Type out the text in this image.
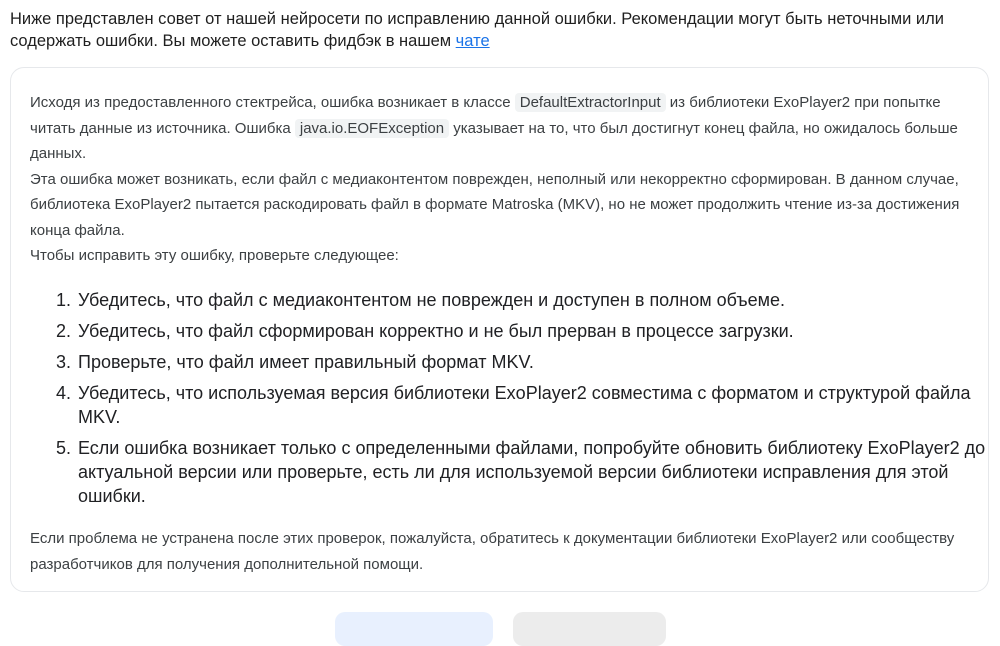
Ниже представлен совет от нашей нейросети по исправлению данной ошибки. Рекомендации могут быть неточными или содержать ошибки. Вы можете оставить фидбэк в нашем чате

Исходя из предоставленного стектрейса, ошибка возникает в классе DefaultExtractorInput из библиотеки ExoPlayer2 при попытке читать данные из источника. Ошибка java.io.EOFException указывает на то, что был достигнут конец файла, но ожидалось больше данных.

Эта ошибка может возникать, если файл с медиаконтентом поврежден, неполный или некорректно сформирован. В данном случае, библиотека ExoPlayer2 пытается раскодировать файл в формате Matroska (MKV), но не может продолжить чтение из-за достижения конца файла.

Чтобы исправить эту ошибку, проверьте следующее:

1. Убедитесь, что файл с медиаконтентом не поврежден и доступен в полном объеме.
2. Убедитесь, что файл сформирован корректно и не был прерван в процессе загрузки.
3. Проверьте, что файл имеет правильный формат MKV.
4. Убедитесь, что используемая версия библиотеки ExoPlayer2 совместима с форматом и структурой файла MKV.
5. Если ошибка возникает только с определенными файлами, попробуйте обновить библиотеку ExoPlayer2 до актуальной версии или проверьте, есть ли для используемой версии библиотеки исправления для этой ошибки.

Если проблема не устранена после этих проверок, пожалуйста, обратитесь к документации библиотеки ExoPlayer2 или сообществу разработчиков для получения дополнительной помощи.
